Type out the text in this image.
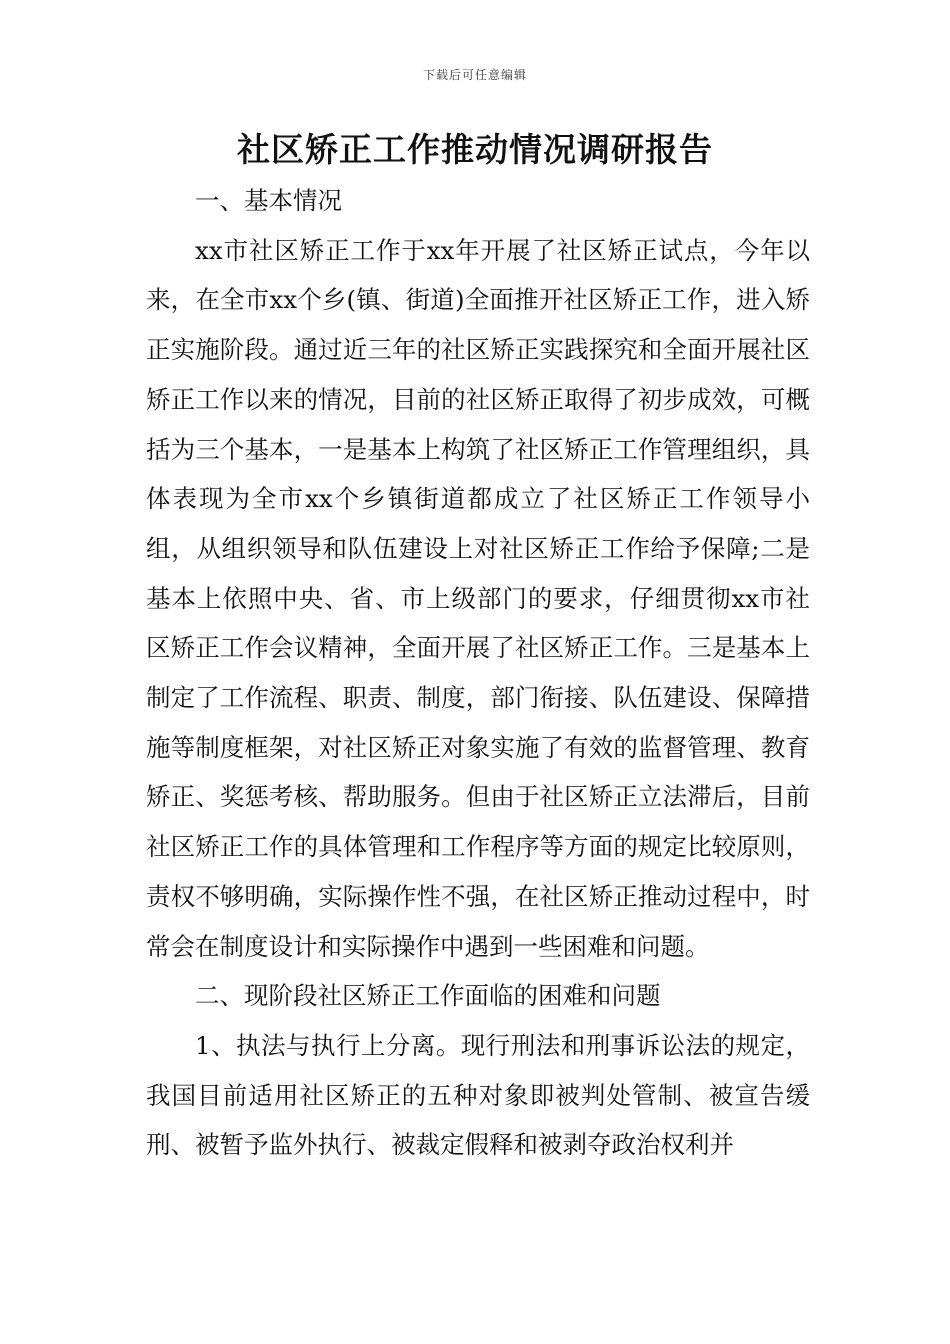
下载后可任意编辑
社区矫正工作推动情况调研报告

一、基本情况

xx市社区矫正工作于xx年开展了社区矫正试点，今年以来，在全市xx个乡(镇、街道)全面推开社区矫正工作，进入矫正实施阶段。通过近三年的社区矫正实践探究和全面开展社区矫正工作以来的情况，目前的社区矫正取得了初步成效，可概括为三个基本，一是基本上构筑了社区矫正工作管理组织，具体表现为全市xx个乡镇街道都成立了社区矫正工作领导小组，从组织领导和队伍建设上对社区矫正工作给予保障;二是基本上依照中央、省、市上级部门的要求，仔细贯彻xx市社区矫正工作会议精神，全面开展了社区矫正工作。三是基本上制定了工作流程、职责、制度，部门衔接、队伍建设、保障措施等制度框架，对社区矫正对象实施了有效的监督管理、教育矫正、奖惩考核、帮助服务。但由于社区矫正立法滞后，目前社区矫正工作的具体管理和工作程序等方面的规定比较原则，责权不够明确，实际操作性不强，在社区矫正推动过程中，时常会在制度设计和实际操作中遇到一些困难和问题。

二、现阶段社区矫正工作面临的困难和问题

1、执法与执行上分离。现行刑法和刑事诉讼法的规定，我国目前适用社区矫正的五种对象即被判处管制、被宣告缓刑、被暂予监外执行、被裁定假释和被剥夺政治权利并
